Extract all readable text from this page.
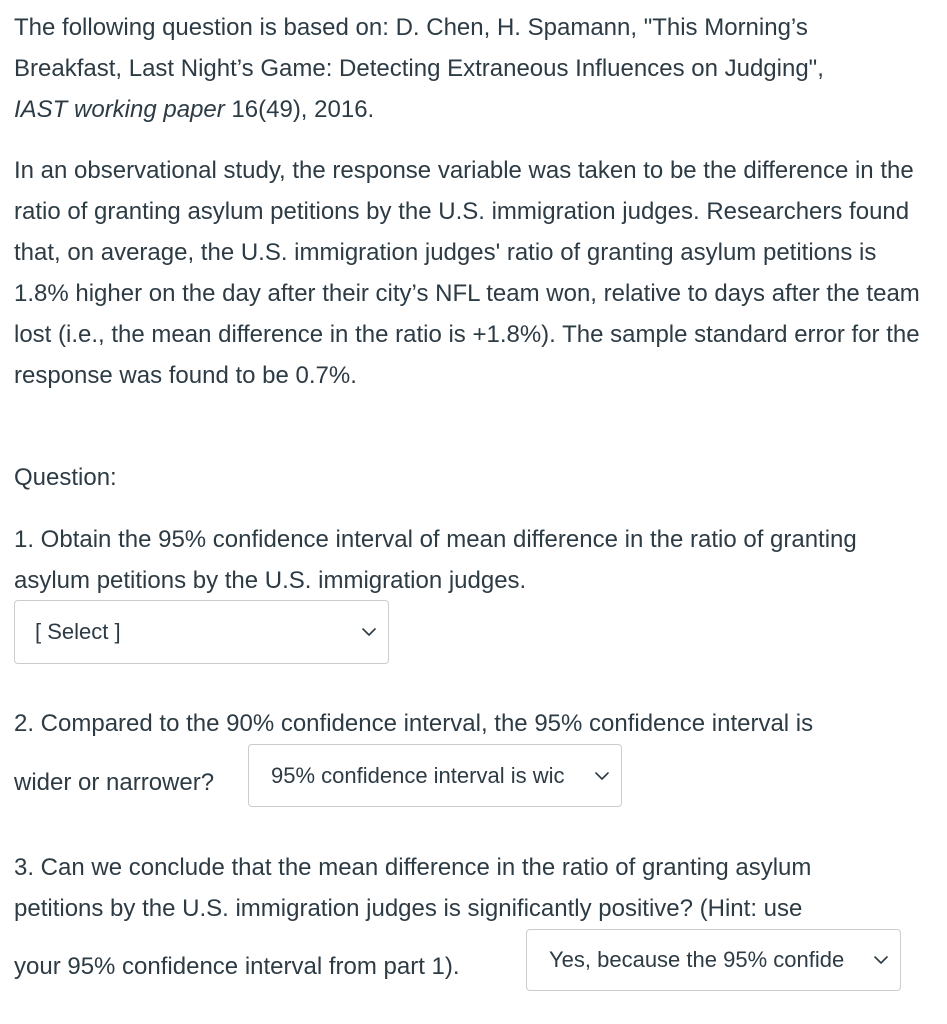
The following question is based on: D. Chen, H. Spamann, "This Morning’s
Breakfast, Last Night’s Game: Detecting Extraneous Influences on Judging",
IAST working paper 16(49), 2016.

In an observational study, the response variable was taken to be the difference in the ratio of granting asylum petitions by the U.S. immigration judges. Researchers found that, on average, the U.S. immigration judges' ratio of granting asylum petitions is 1.8% higher on the day after their city’s NFL team won, relative to days after the team lost (i.e., the mean difference in the ratio is +1.8%). The sample standard error for the response was found to be 0.7%.

Question:

1. Obtain the 95% confidence interval of mean difference in the ratio of granting asylum petitions by the U.S. immigration judges.

[ Select ]

2. Compared to the 90% confidence interval, the 95% confidence interval is

wider or narrower?	95% confidence interval is wic
3. Can we conclude that the mean difference in the ratio of granting asylum
petitions by the U.S. immigration judges is significantly positive? (Hint: use
your 95% confidence interval from part 1).	Yes, because the 95% confide
